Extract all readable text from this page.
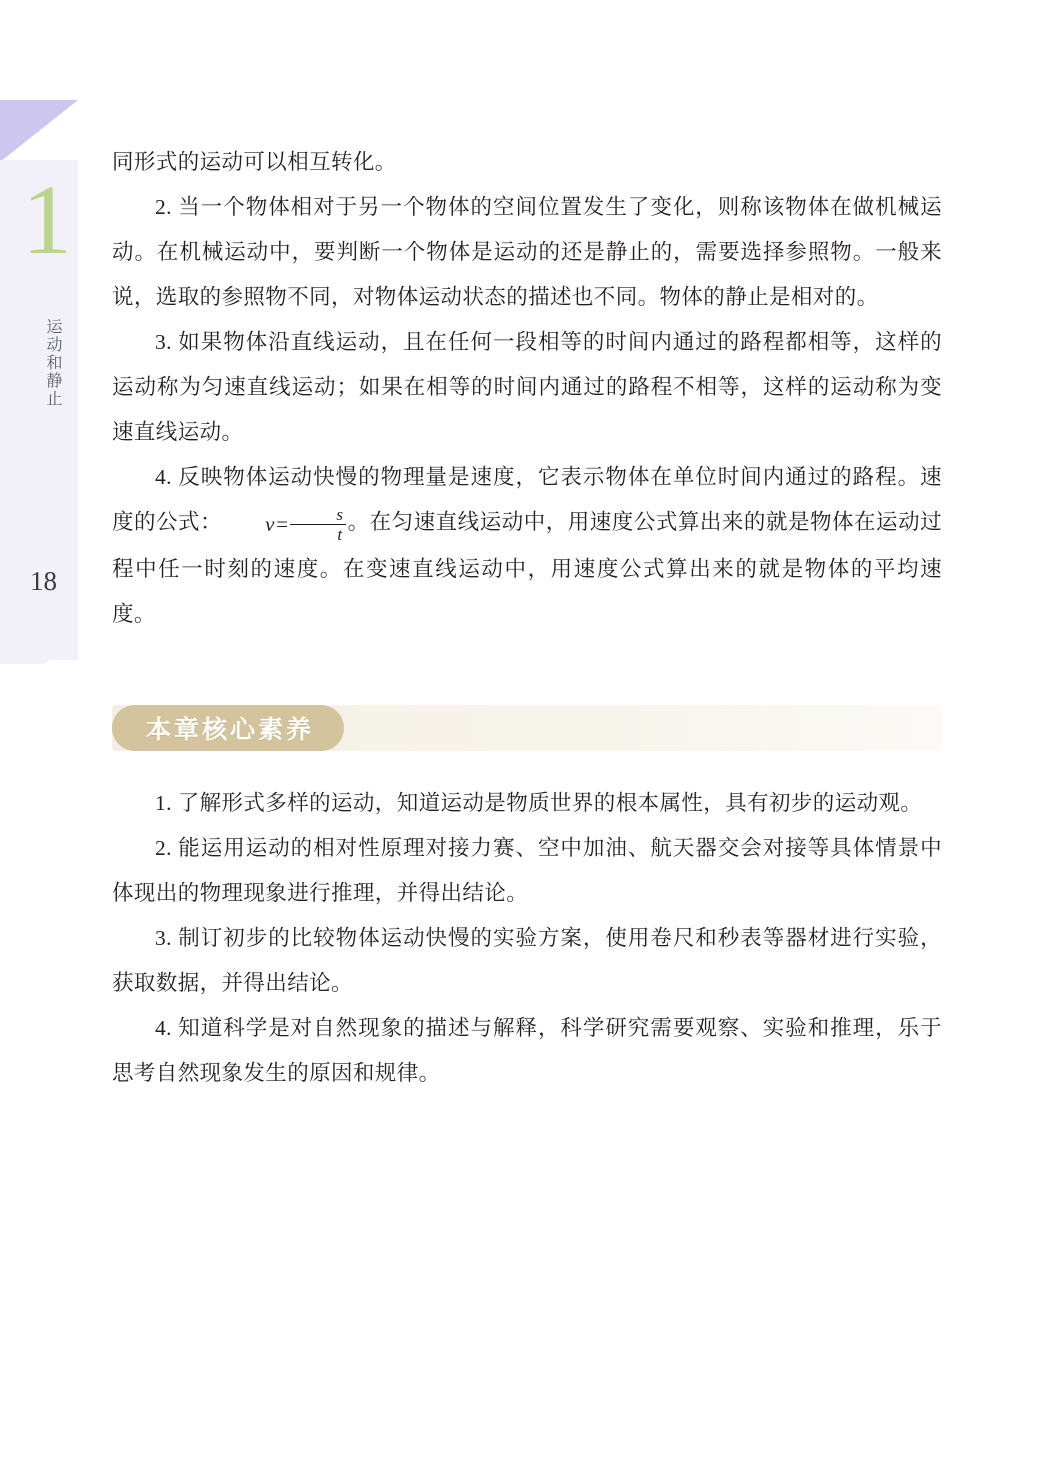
1
运动和静止
18

同形式的运动可以相互转化。

2. 当一个物体相对于另一个物体的空间位置发生了变化，则称该物体在做机械运动。在机械运动中，要判断一个物体是运动的还是静止的，需要选择参照物。一般来说，选取的参照物不同，对物体运动状态的描述也不同。物体的静止是相对的。

3. 如果物体沿直线运动，且在任何一段相等的时间内通过的路程都相等，这样的运动称为匀速直线运动；如果在相等的时间内通过的路程不相等，这样的运动称为变速直线运动。

4. 反映物体运动快慢的物理量是速度，它表示物体在单位时间内通过的路程。速度的公式： $v= \frac{s}{t}$ 。在匀速直线运动中，用速度公式算出来的就是物体在运动过程中任一时刻的速度。在变速直线运动中，用速度公式算出来的就是物体的平均速度。

本章核心素养

1. 了解形式多样的运动，知道运动是物质世界的根本属性，具有初步的运动观。

2. 能运用运动的相对性原理对接力赛、空中加油、航天器交会对接等具体情景中体现出的物理现象进行推理，并得出结论。

3. 制订初步的比较物体运动快慢的实验方案，使用卷尺和秒表等器材进行实验，获取数据，并得出结论。

4. 知道科学是对自然现象的描述与解释，科学研究需要观察、实验和推理，乐于思考自然现象发生的原因和规律。
